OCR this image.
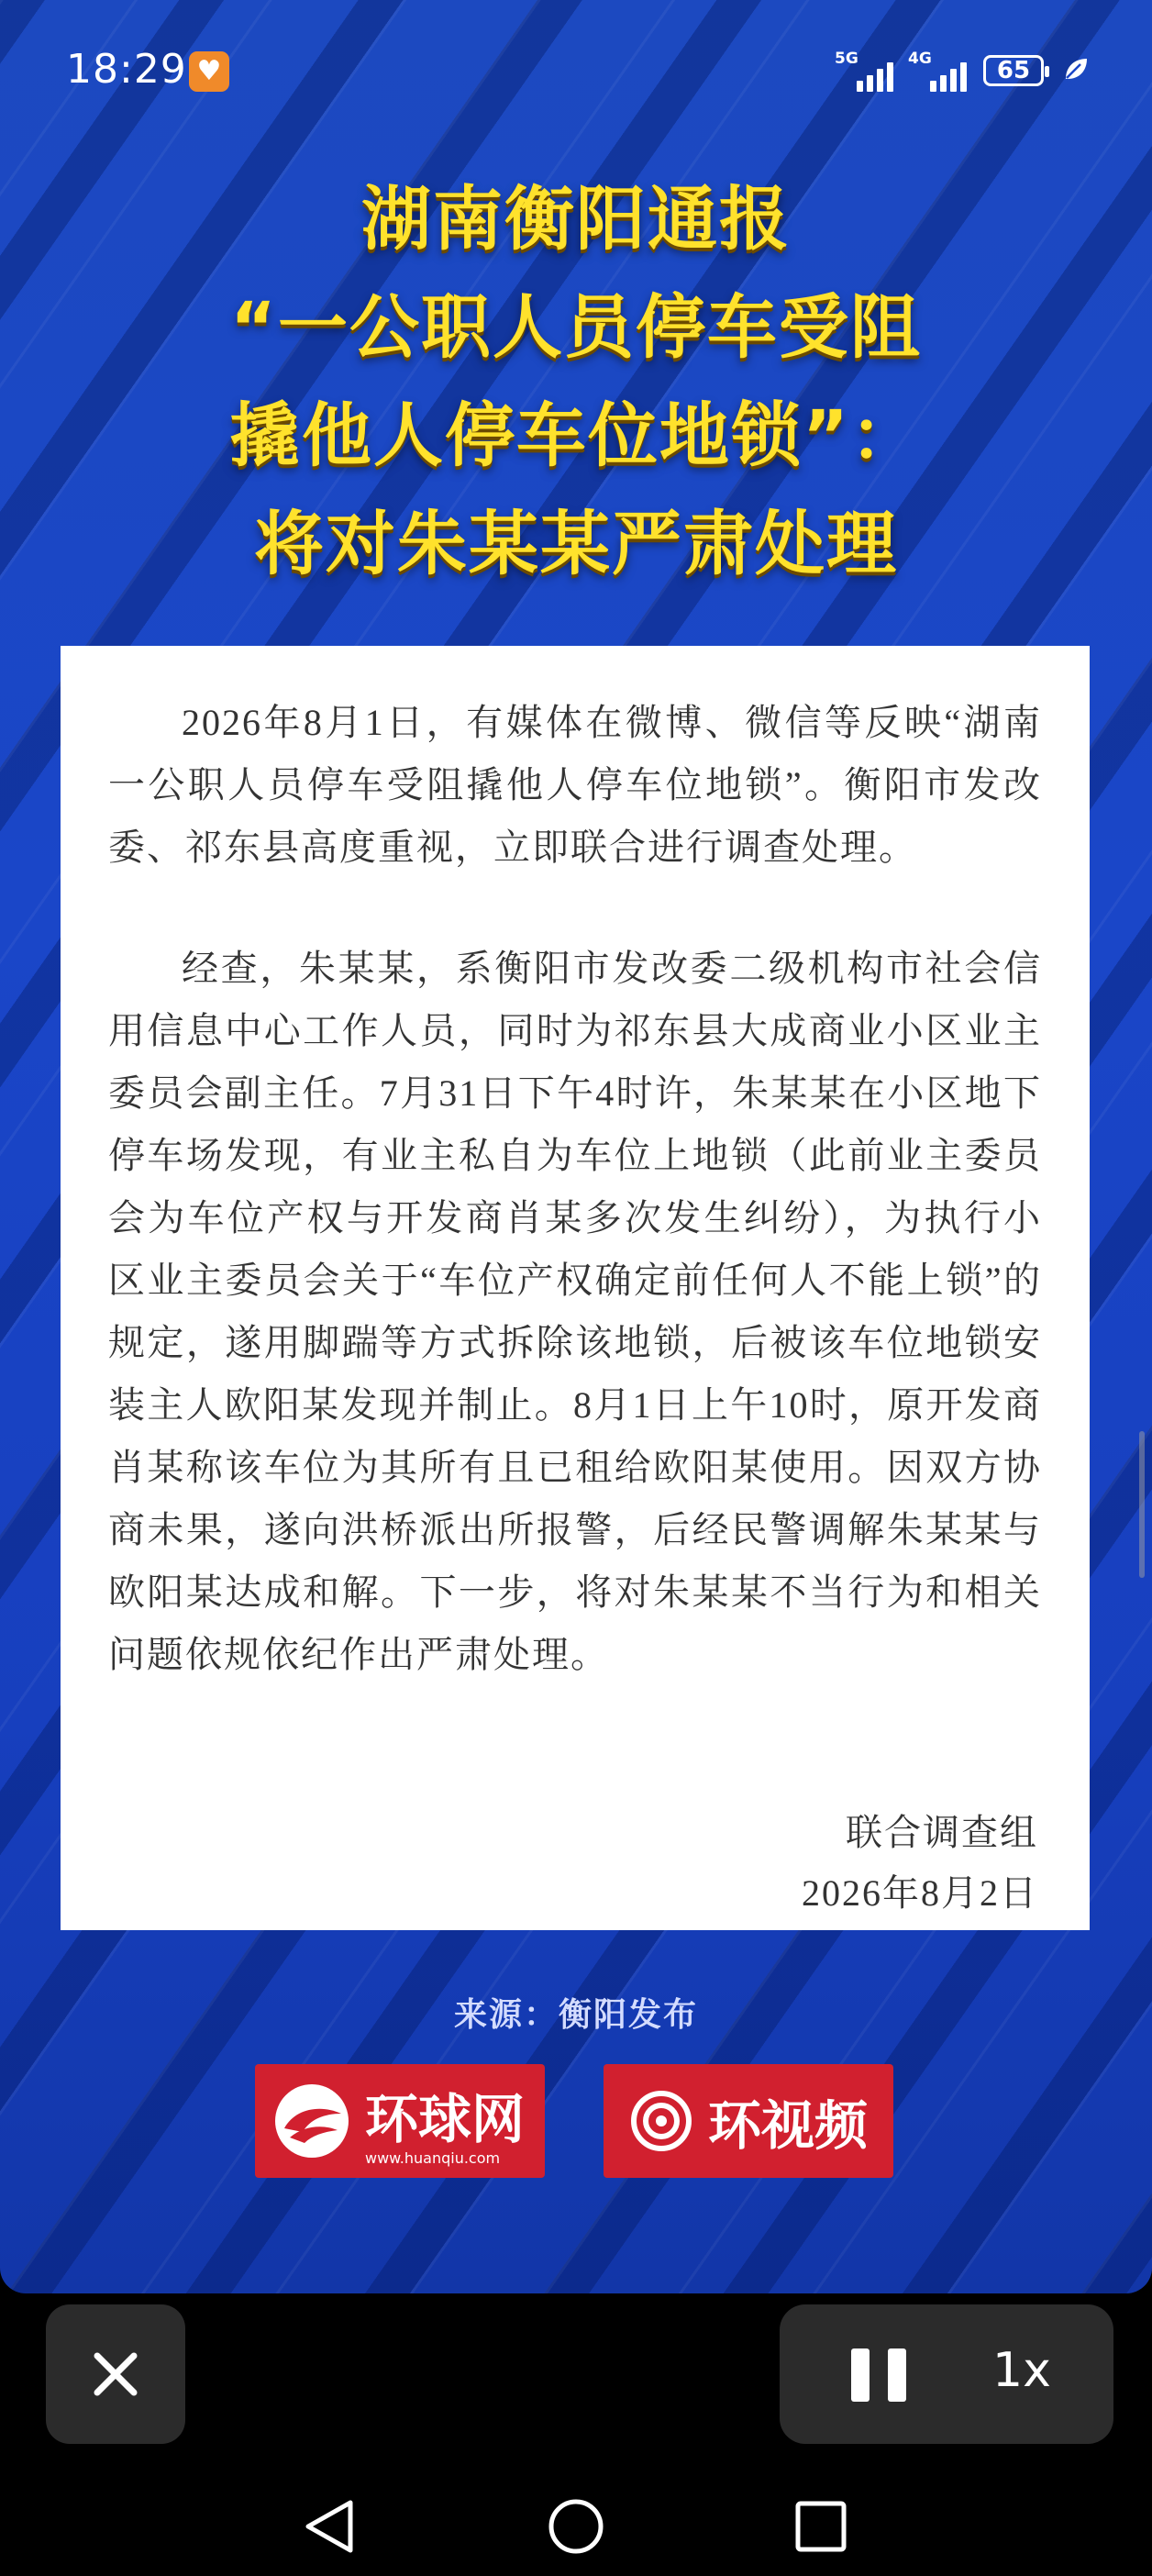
18:29 ♥	5G	4G	65
湖南衡阳通报
“一公职人员停车受阻
撬他人停车位地锁”：
将对朱某某严肃处理

2026年8月1日，有媒体在微博、微信等反映“湖南一公职人员停车受阻撬他人停车位地锁”。衡阳市发改委、祁东县高度重视，立即联合进行调查处理。

经查，朱某某，系衡阳市发改委二级机构市社会信用信息中心工作人员，同时为祁东县大成商业小区业主委员会副主任。7月31日下午4时许，朱某某在小区地下停车场发现，有业主私自为车位上地锁（此前业主委员会为车位产权与开发商肖某多次发生纠纷），为执行小区业主委员会关于“车位产权确定前任何人不能上锁”的规定，遂用脚踹等方式拆除该地锁，后被该车位地锁安装主人欧阳某发现并制止。8月1日上午10时，原开发商肖某称该车位为其所有且已租给欧阳某使用。因双方协商未果，遂向洪桥派出所报警，后经民警调解朱某某与欧阳某达成和解。下一步，将对朱某某不当行为和相关问题依规依纪作出严肃处理。

联合调查组
2026年8月2日
来源：衡阳发布
环球网
www.huanqiu.com
环视频
1x
